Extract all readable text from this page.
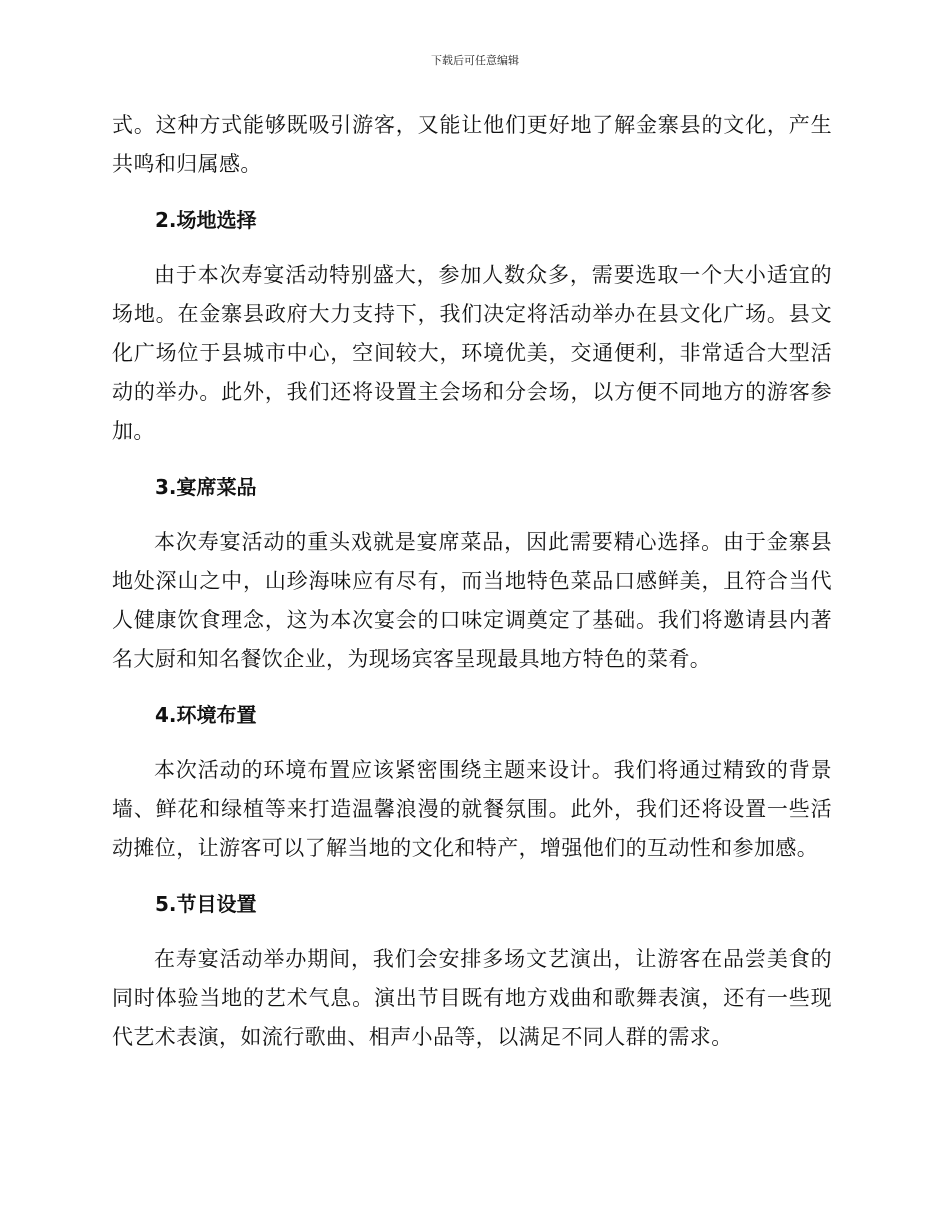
下载后可任意编辑

式。这种方式能够既吸引游客，又能让他们更好地了解金寨县的文化，产生共鸣和归属感。

2.场地选择

由于本次寿宴活动特别盛大，参加人数众多，需要选取一个大小适宜的场地。在金寨县政府大力支持下，我们决定将活动举办在县文化广场。县文化广场位于县城市中心，空间较大，环境优美，交通便利，非常适合大型活动的举办。此外，我们还将设置主会场和分会场，以方便不同地方的游客参加。

3.宴席菜品

本次寿宴活动的重头戏就是宴席菜品，因此需要精心选择。由于金寨县地处深山之中，山珍海味应有尽有，而当地特色菜品口感鲜美，且符合当代人健康饮食理念，这为本次宴会的口味定调奠定了基础。我们将邀请县内著名大厨和知名餐饮企业，为现场宾客呈现最具地方特色的菜肴。

4.环境布置

本次活动的环境布置应该紧密围绕主题来设计。我们将通过精致的背景墙、鲜花和绿植等来打造温馨浪漫的就餐氛围。此外，我们还将设置一些活动摊位，让游客可以了解当地的文化和特产，增强他们的互动性和参加感。

5.节目设置

在寿宴活动举办期间，我们会安排多场文艺演出，让游客在品尝美食的同时体验当地的艺术气息。演出节目既有地方戏曲和歌舞表演，还有一些现代艺术表演，如流行歌曲、相声小品等，以满足不同人群的需求。
